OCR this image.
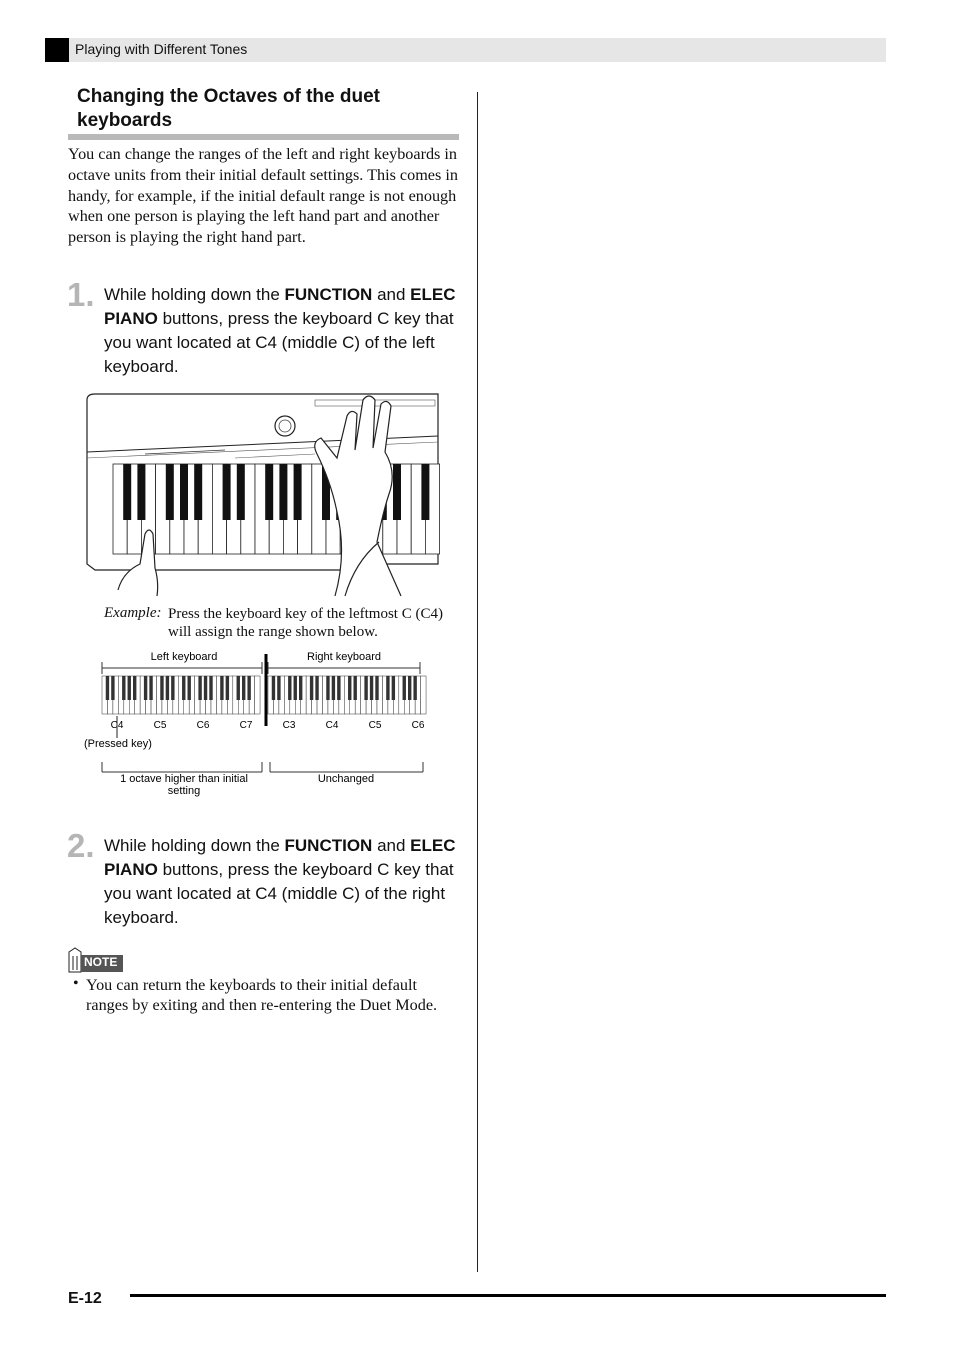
Playing with Different Tones
Changing the Octaves of the duet keyboards
You can change the ranges of the left and right keyboards in octave units from their initial default settings. This comes in handy, for example, if the initial default range is not enough when one person is playing the left hand part and another person is playing the right hand part.
1. While holding down the FUNCTION and ELEC PIANO buttons, press the keyboard C key that you want located at C4 (middle C) of the left keyboard.
Example: Press the keyboard key of the leftmost C (C4) will assign the range shown below.
Left keyboard	Right keyboard
C4	C5	C6	C7	C3	C4	C5	C6
(Pressed key)
1 octave higher than initial
setting
Unchanged
2. While holding down the FUNCTION and ELEC PIANO buttons, press the keyboard C key that you want located at C4 (middle C) of the right keyboard.
NOTE
• You can return the keyboards to their initial default ranges by exiting and then re-entering the Duet Mode.
E-12
